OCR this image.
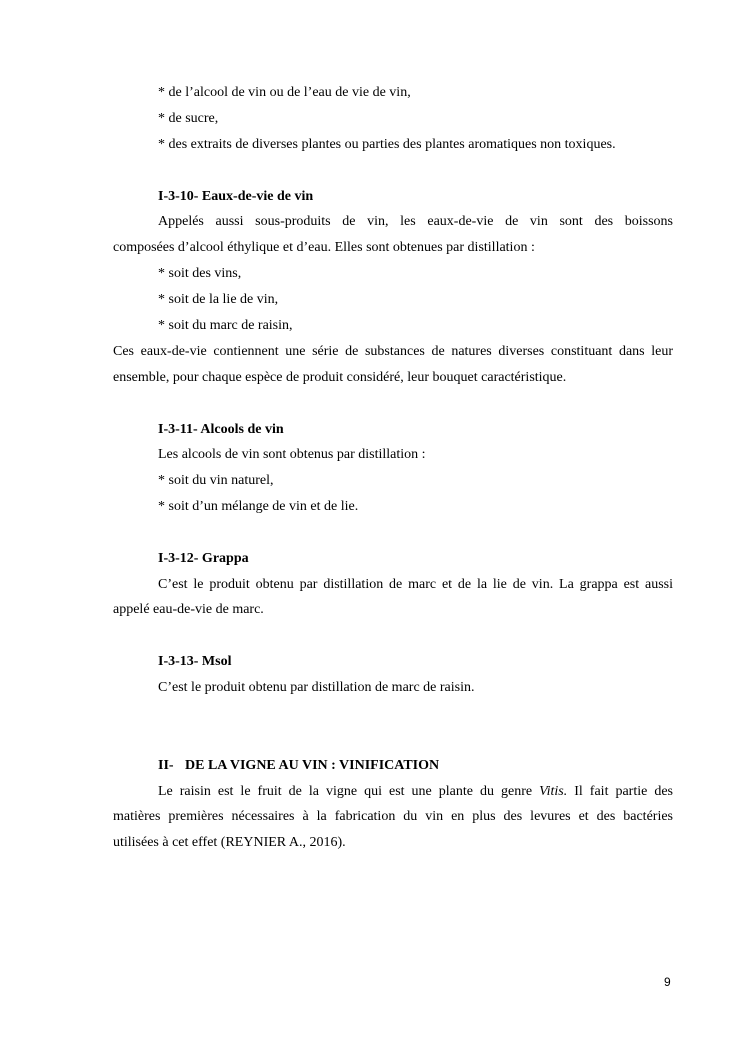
* de l’alcool de vin ou de l’eau de vie de vin,
* de sucre,
* des extraits de diverses plantes ou parties des plantes aromatiques non toxiques.
I-3-10- Eaux-de-vie de vin
Appelés aussi sous-produits de vin, les eaux-de-vie de vin sont des boissons
composées d’alcool éthylique et d’eau. Elles sont obtenues par distillation :
* soit des vins,
* soit de la lie de vin,
* soit du marc de raisin,
Ces eaux-de-vie contiennent une série de substances de natures diverses constituant dans leur
ensemble, pour chaque espèce de produit considéré, leur bouquet caractéristique.
I-3-11- Alcools de vin
Les alcools de vin sont obtenus par distillation :
* soit du vin naturel,
* soit d’un mélange de vin et de lie.
I-3-12- Grappa
C’est le produit obtenu par distillation de marc et de la lie de vin. La grappa est aussi
appelé eau-de-vie de marc.
I-3-13- Msol
C’est le produit obtenu par distillation de marc de raisin.
II- DE LA VIGNE AU VIN : VINIFICATION
Le raisin est le fruit de la vigne qui est une plante du genre Vitis. Il fait partie des
matières premières nécessaires à la fabrication du vin en plus des levures et des bactéries
utilisées à cet effet (REYNIER A., 2016).
9
